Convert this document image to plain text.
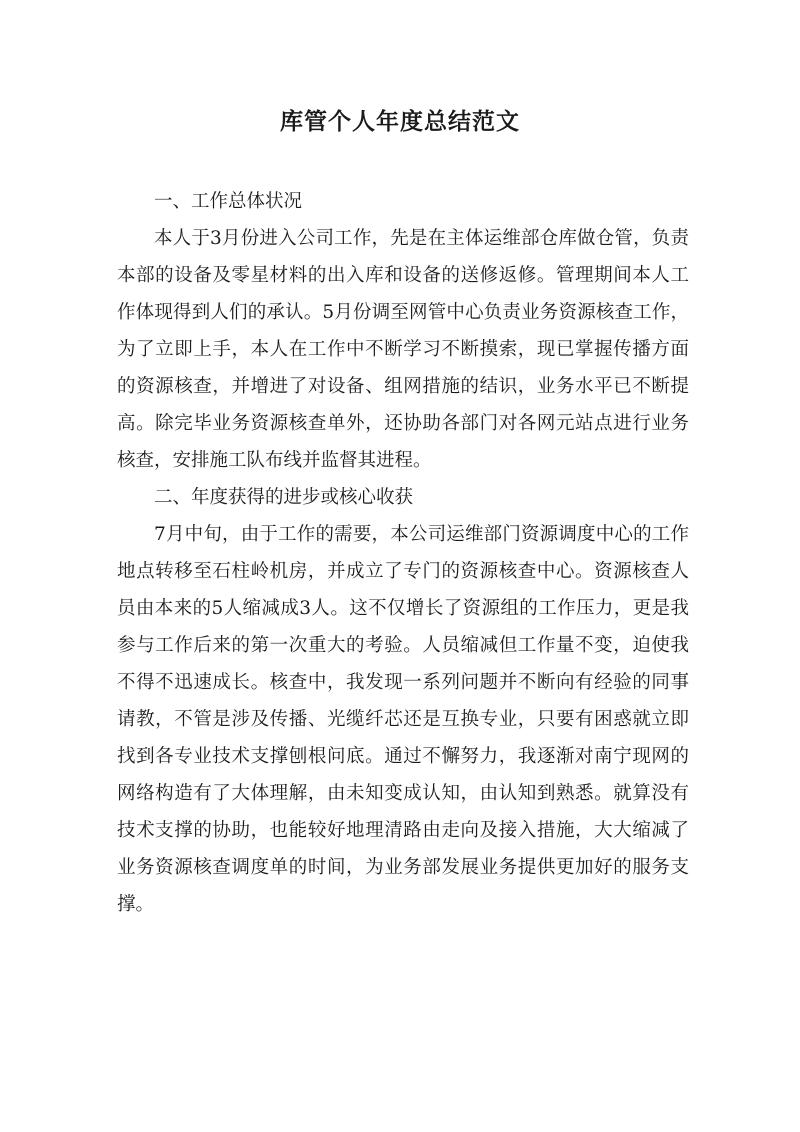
库管个人年度总结范文

一、工作总体状况

本人于3月份进入公司工作，先是在主体运维部仓库做仓管，负责本部的设备及零星材料的出入库和设备的送修返修。管理期间本人工作体现得到人们的承认。5月份调至网管中心负责业务资源核查工作，为了立即上手，本人在工作中不断学习不断摸索，现已掌握传播方面的资源核查，并增进了对设备、组网措施的结识，业务水平已不断提高。除完毕业务资源核查单外，还协助各部门对各网元站点进行业务核查，安排施工队布线并监督其进程。

二、年度获得的进步或核心收获

7月中旬，由于工作的需要，本公司运维部门资源调度中心的工作地点转移至石柱岭机房，并成立了专门的资源核查中心。资源核查人员由本来的5人缩减成3人。这不仅增长了资源组的工作压力，更是我参与工作后来的第一次重大的考验。人员缩减但工作量不变，迫使我不得不迅速成长。核查中，我发现一系列问题并不断向有经验的同事请教，不管是涉及传播、光缆纤芯还是互换专业，只要有困惑就立即找到各专业技术支撑刨根问底。通过不懈努力，我逐渐对南宁现网的网络构造有了大体理解，由未知变成认知，由认知到熟悉。就算没有技术支撑的协助，也能较好地理清路由走向及接入措施，大大缩减了业务资源核查调度单的时间，为业务部发展业务提供更加好的服务支撑。
